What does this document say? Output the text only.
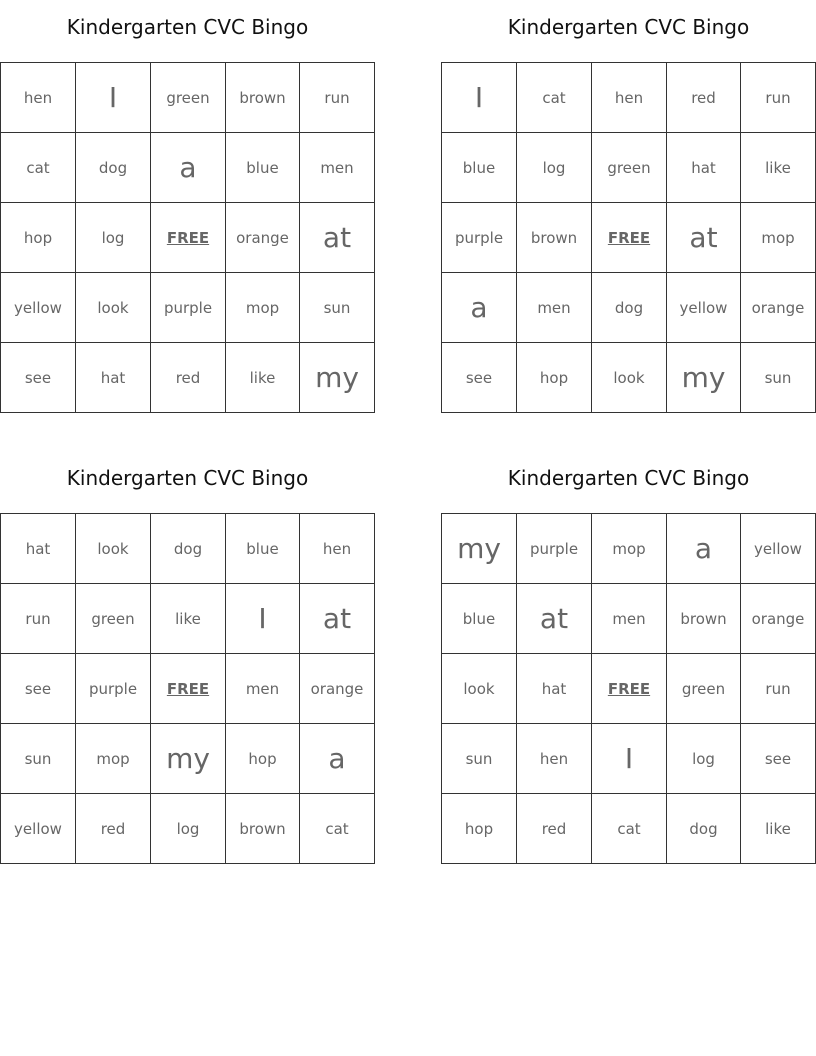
Kindergarten CVC Bingo
hen	I	green	brown	run
cat	dog	a	blue	men
hop	log	FREE	orange	at
yellow	look	purple	mop	sun
see	hat	red	like	my
Kindergarten CVC Bingo
I	cat	hen	red	run
blue	log	green	hat	like
purple	brown	FREE	at	mop
a	men	dog	yellow	orange
see	hop	look	my	sun
Kindergarten CVC Bingo
hat	look	dog	blue	hen
run	green	like	I	at
see	purple	FREE	men	orange
sun	mop	my	hop	a
yellow	red	log	brown	cat
Kindergarten CVC Bingo
my	purple	mop	a	yellow
blue	at	men	brown	orange
look	hat	FREE	green	run
sun	hen	I	log	see
hop	red	cat	dog	like
